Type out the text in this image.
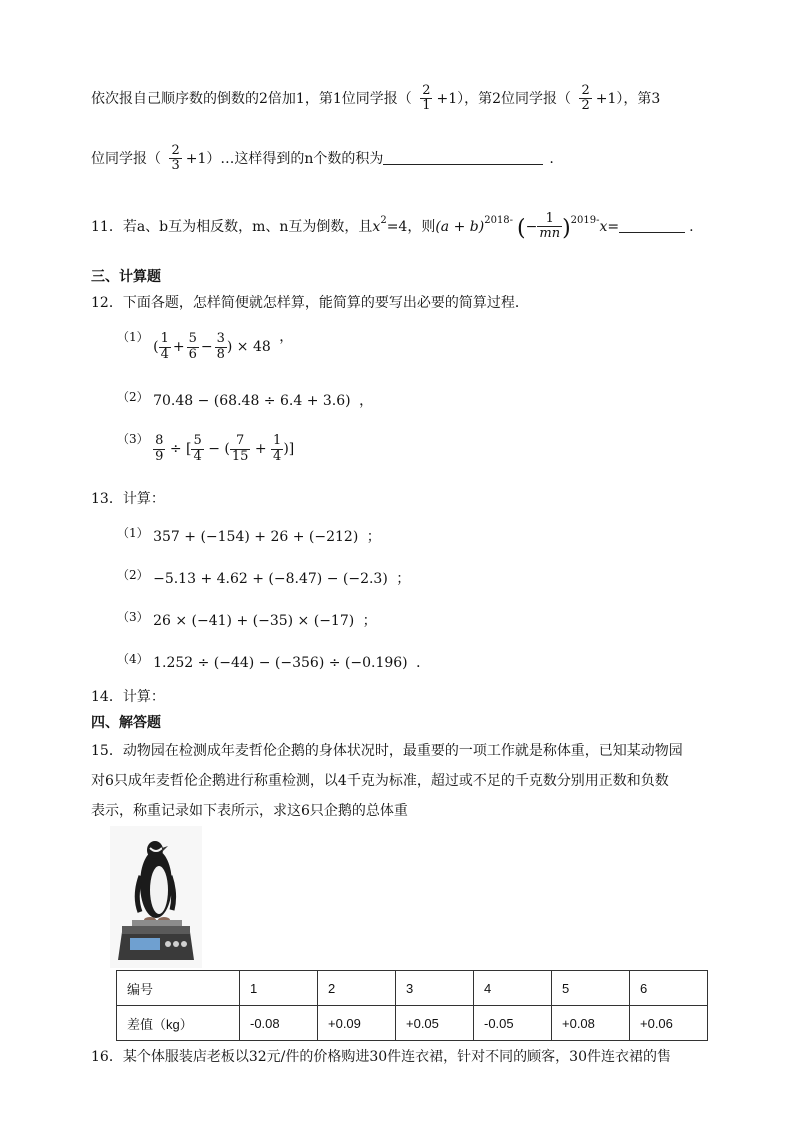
依次报自己顺序数的倒数的2倍加1，第1位同学报（ $\frac{2}{1} +1$），第2位同学报（ $\frac{2}{2} +1$），第3
位同学报（ $\frac{2}{3}$ +1）…这样得到的n个数的积为	.
11．若a、b互为相反数，m、n互为倒数，且$x^2=4$，则$(a + b)^{2018-}$ (− $\frac{1}{mn} )^{2019-}x=$	.
三、计算题
12．下面各题，怎样简便就怎样算，能简算的要写出必要的简算过程．
（1） ( $\frac{1}{4} + \frac{5}{6} - \frac{3}{8}$ ) × 48 ，
（2） 70.48 − (68.48 ÷ 6.4 + 3.6) ，
$(3) \frac{8}{9}$ ÷ [ $\frac{5}{4}$ − ( $\frac{7}{15} + \frac{1}{4}$ )]
13．计算：
（1） 357 + (−154) + 26 + (−212) ；
（2） −5.13 + 4.62 + (−8.47) − (−2.3) ；
（3） 26 × (−41) + (−35) × (−17) ；
（4） 1.252 ÷ (−44) − (−356) ÷ (−0.196) ．
14．计算：
四、解答题
15．动物园在检测成年麦哲伦企鹅的身体状况时，最重要的一项工作就是称体重，已知某动物园
对6只成年麦哲伦企鹅进行称重检测，以4千克为标准，超过或不足的千克数分别用正数和负数
表示，称重记录如下表所示，求这6只企鹅的总体重
编号	1	2	3	4	5	6
差值（kg）	-0.08	+0.09	+0.05	-0.05	+0.08	+0.06
16．某个体服装店老板以32元/件的价格购进30件连衣裙，针对不同的顾客，30件连衣裙的售
